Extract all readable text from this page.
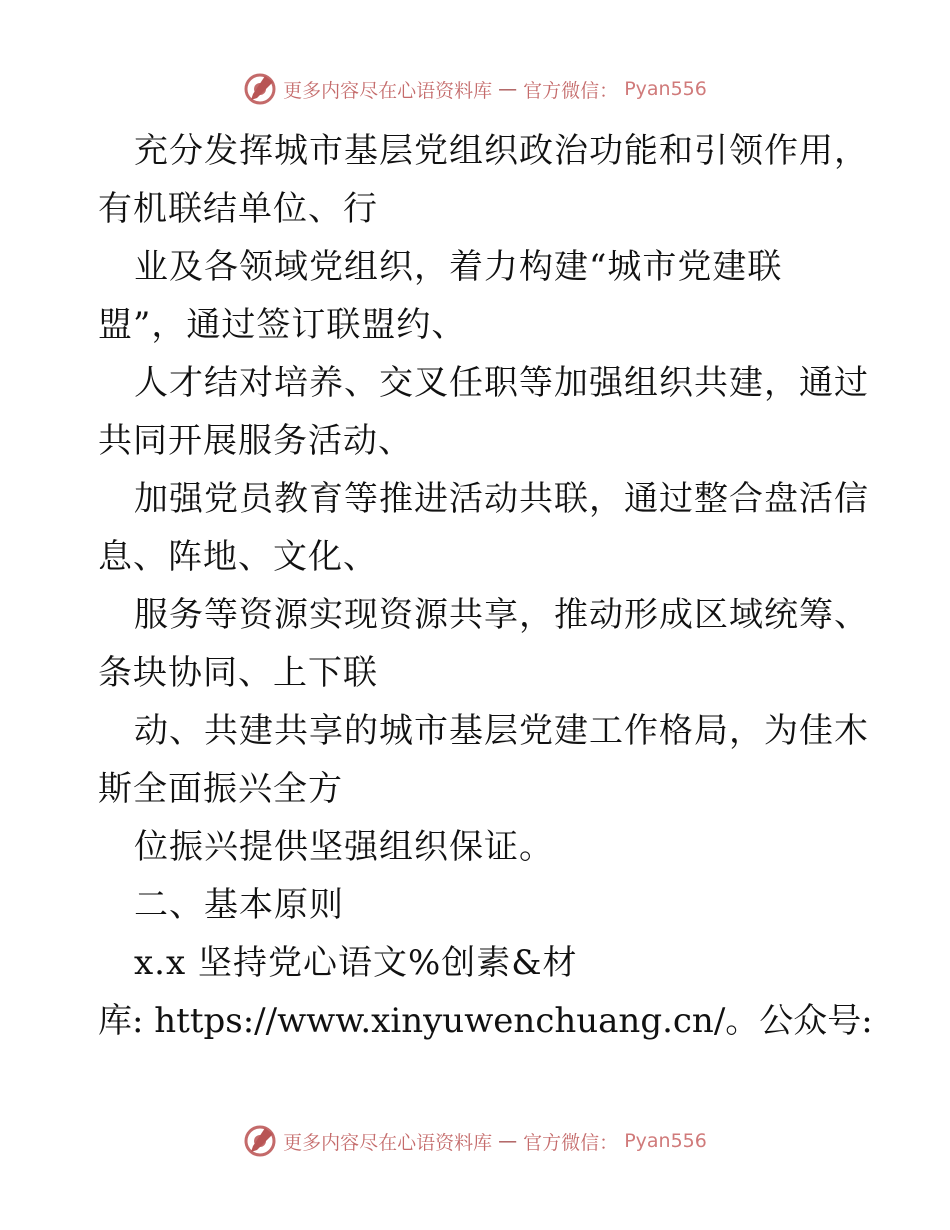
更多内容尽在心语资料库 — 官方微信： Pyan556
充分发挥城市基层党组织政治功能和引领作用，
有机联结单位、行
业及各领域党组织，着力构建“城市党建联
盟”，通过签订联盟约、
人才结对培养、交叉任职等加强组织共建，通过
共同开展服务活动、
加强党员教育等推进活动共联，通过整合盘活信
息、阵地、文化、
服务等资源实现资源共享，推动形成区域统筹、
条块协同、上下联
动、共建共享的城市基层党建工作格局，为佳木
斯全面振兴全方
位振兴提供坚强组织保证。
二、基本原则
x.x 坚持党心语文%创素&材
库: https://www.xinyuwenchuang.cn/。公众号:
更多内容尽在心语资料库 — 官方微信： Pyan556
